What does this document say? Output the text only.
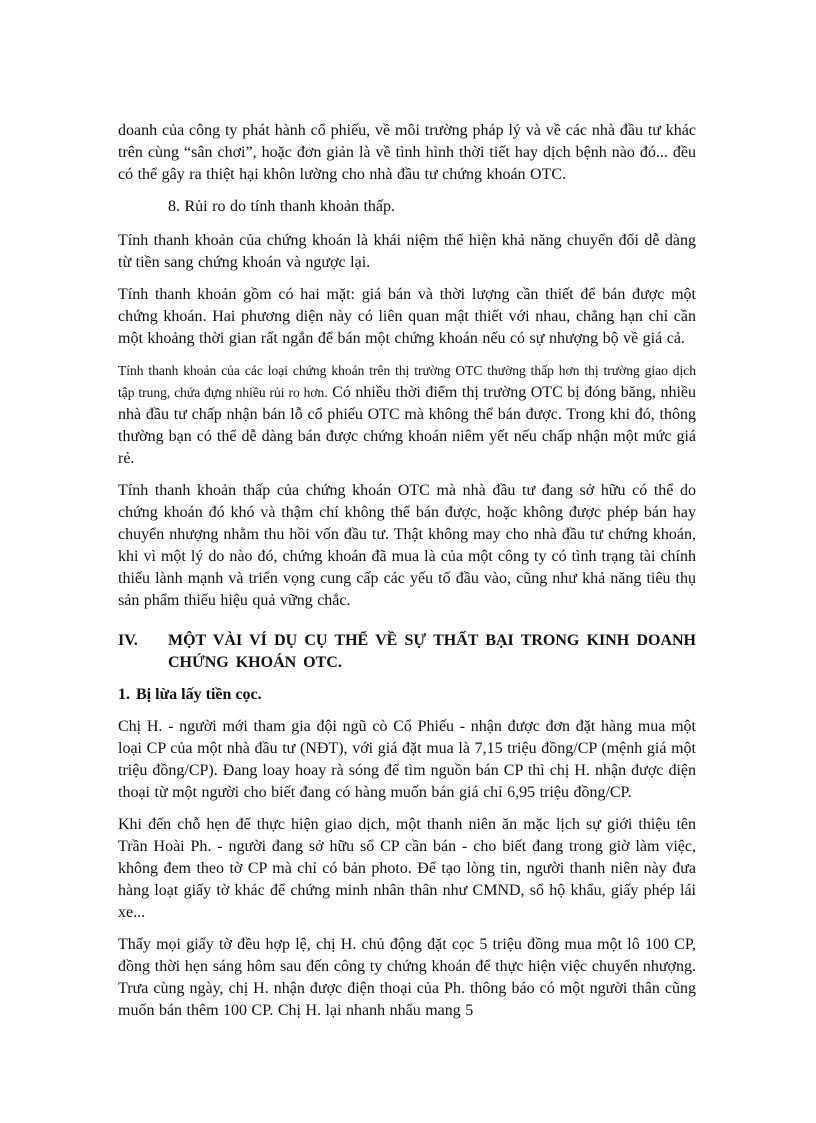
doanh của công ty phát hành cổ phiếu, về môi trường pháp lý và về các nhà đầu tư khác trên cùng “sân chơi”, hoặc đơn giản là về tình hình thời tiết hay dịch bệnh nào đó... đều có thể gây ra thiệt hại khôn lường cho nhà đầu tư chứng khoán OTC.

8. Rủi ro do tính thanh khoản thấp.

Tính thanh khoản của chứng khoán là khái niệm thể hiện khả năng chuyển đổi dễ dàng từ tiền sang chứng khoán và ngược lại.

Tính thanh khoản gồm có hai mặt: giá bán và thời lượng cần thiết để bán được một chứng khoán. Hai phương diện này có liên quan mật thiết với nhau, chẳng hạn chỉ cần một khoảng thời gian rất ngắn để bán một chứng khoán nếu có sự nhượng bộ về giá cả.

Tính thanh khoản của các loại chứng khoán trên thị trường OTC thường thấp hơn thị trường giao dịch tập trung, chứa đựng nhiều rủi ro hơn. Có nhiều thời điểm thị trường OTC bị đóng băng, nhiều nhà đầu tư chấp nhận bán lỗ cổ phiếu OTC mà không thể bán được. Trong khi đó, thông thường bạn có thể dễ dàng bán được chứng khoán niêm yết nếu chấp nhận một mức giá rẻ.

Tính thanh khoản thấp của chứng khoán OTC mà nhà đầu tư đang sở hữu có thể do chứng khoán đó khó và thậm chí không thể bán được, hoặc không được phép bán hay chuyển nhượng nhằm thu hồi vốn đầu tư. Thật không may cho nhà đầu tư chứng khoán, khi vì một lý do nào đó, chứng khoán đã mua là của một công ty có tình trạng tài chính thiếu lành mạnh và triển vọng cung cấp các yếu tố đầu vào, cũng như khả năng tiêu thụ sản phẩm thiếu hiệu quả vững chắc.

IV.	MỘT VÀI VÍ DỤ CỤ THỂ VỀ SỰ THẤT BẠI TRONG KINH DOANH CHỨNG KHOÁN OTC.
1. Bị lừa lấy tiền cọc.

Chị H. - người mới tham gia đội ngũ cò Cổ Phiếu - nhận được đơn đặt hàng mua một loại CP của một nhà đầu tư (NĐT), với giá đặt mua là 7,15 triệu đồng/CP (mệnh giá một triệu đồng/CP). Đang loay hoay rà sóng để tìm nguồn bán CP thì chị H. nhận được điện thoại từ một người cho biết đang có hàng muốn bán giá chỉ 6,95 triệu đồng/CP.

Khi đến chỗ hẹn để thực hiện giao dịch, một thanh niên ăn mặc lịch sự giới thiệu tên Trần Hoài Ph. - người đang sở hữu sổ CP cần bán - cho biết đang trong giờ làm việc, không đem theo tờ CP mà chỉ có bản photo. Để tạo lòng tin, người thanh niên này đưa hàng loạt giấy tờ khác để chứng minh nhân thân như CMND, sổ hộ khẩu, giấy phép lái xe...

Thấy mọi giấy tờ đều hợp lệ, chị H. chủ động đặt cọc 5 triệu đồng mua một lô 100 CP, đồng thời hẹn sáng hôm sau đến công ty chứng khoán để thực hiện việc chuyển nhượng. Trưa cùng ngày, chị H. nhận được điện thoại của Ph. thông báo có một người thân cũng muốn bán thêm 100 CP. Chị H. lại nhanh nhẩu mang 5
